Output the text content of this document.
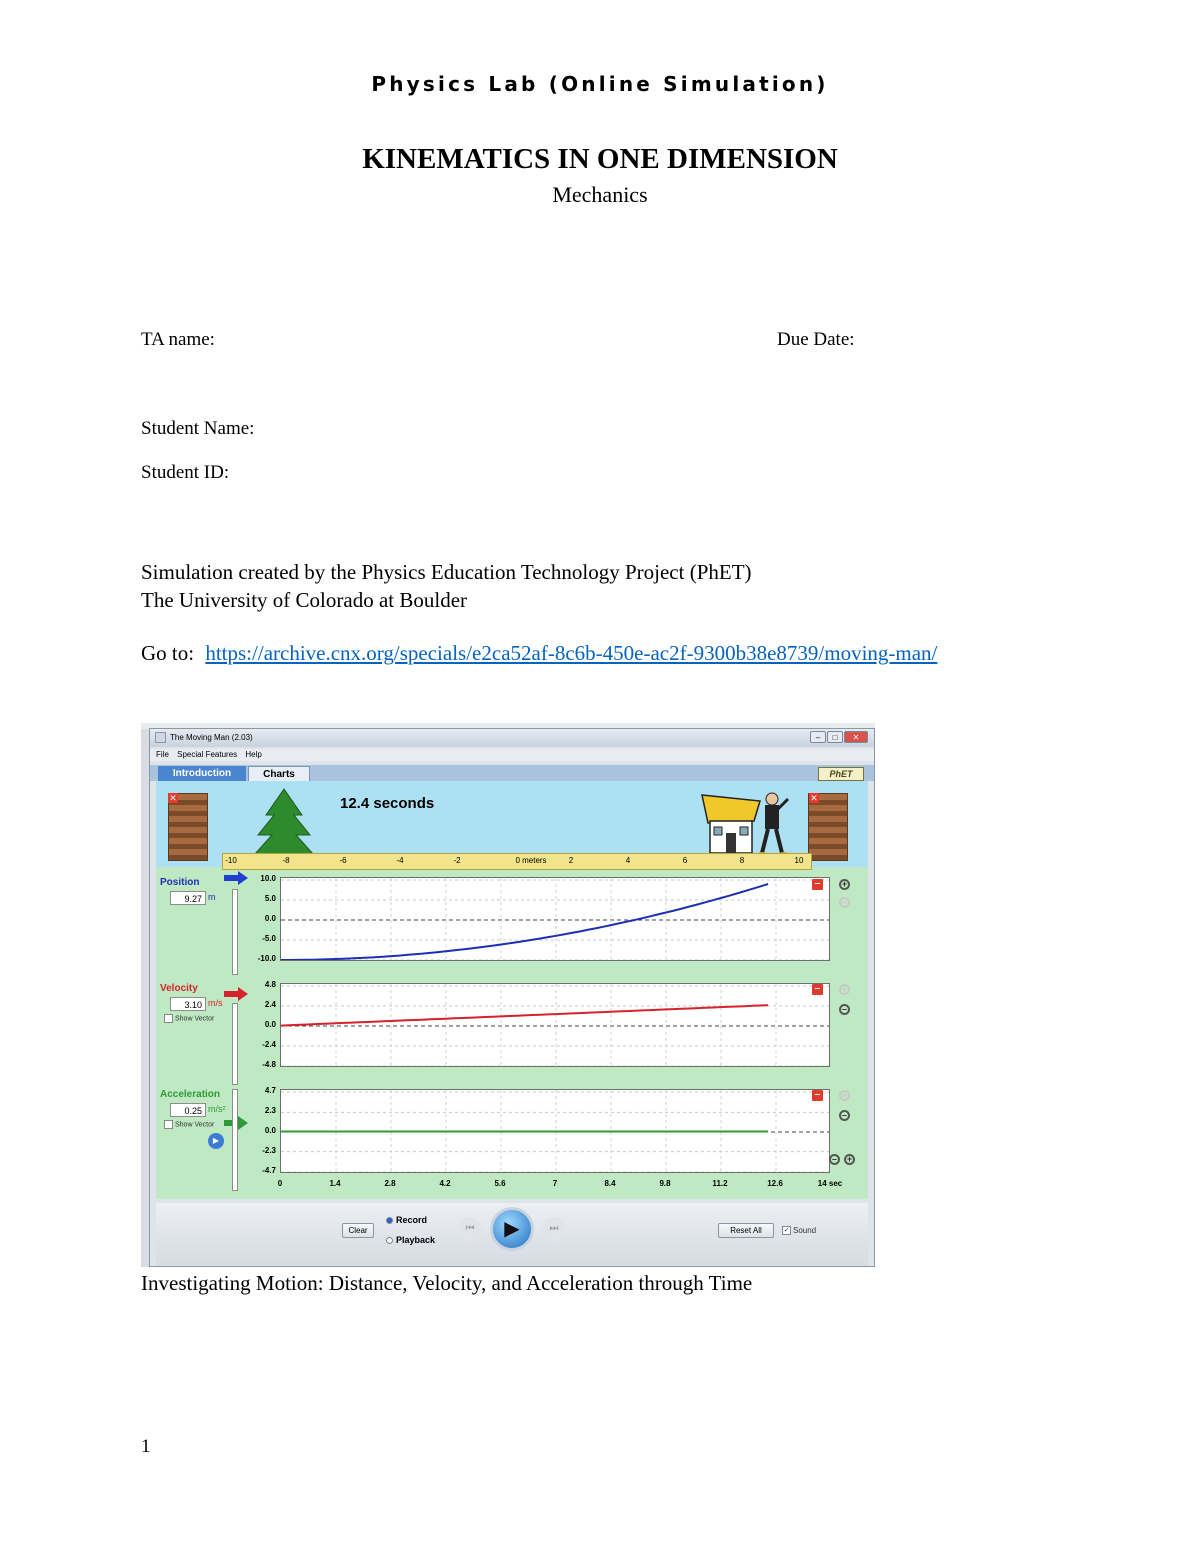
Physics Lab (Online Simulation)
KINEMATICS IN ONE DIMENSION
Mechanics
TA name:	Due Date:
Student Name:
Student ID:
Simulation created by the Physics Education Technology Project (PhET)
The University of Colorado at Boulder
Go to: https://archive.cnx.org/specials/e2ca52af-8c6b-450e-ac2f-9300b38e8739/moving-man/
The Moving Man (2.03)	–	□	✕
File Special Features Help
Introduction	Charts	PhET
✕	✕
12.4 seconds
-10	-8	-6	-4	-2	0 meters	2	4	6	8	10
Position
9.27 m
Velocity
3.10 m/s
Show Vector
Acceleration
0.25 m/s²
Show Vector
▶
10.0
5.0
0.0
-5.0
-10.0
4.8
2.4
0.0
-2.4
-4.8
4.7
2.3
0.0
-2.3
-4.7
0	1.4	2.8	4.2	5.6	7	8.4	9.8	11.2	12.6	14 sec
–	+
–
–	+
–
–	+
–
–	+
Clear
Record
Playback
⏮	▶	⏭	Reset All	✓ Sound
Investigating Motion: Distance, Velocity, and Acceleration through Time
1
